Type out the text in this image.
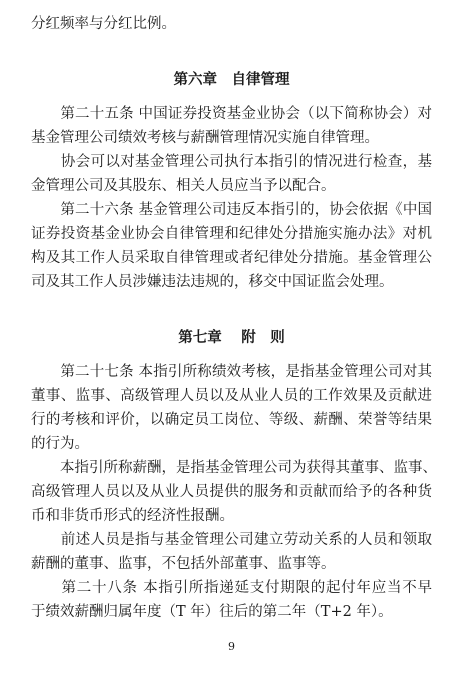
分红频率与分红比例。
第六章　自律管理
　　第二十五条 中国证券投资基金业协会（以下简称协会）对
基金管理公司绩效考核与薪酬管理情况实施自律管理。
　　协会可以对基金管理公司执行本指引的情况进行检查，基
金管理公司及其股东、相关人员应当予以配合。
　　第二十六条 基金管理公司违反本指引的，协会依据《中国
证券投资基金业协会自律管理和纪律处分措施实施办法》对机
构及其工作人员采取自律管理或者纪律处分措施。基金管理公
司及其工作人员涉嫌违法违规的，移交中国证监会处理。
第七章　 附　则
　　第二十七条 本指引所称绩效考核，是指基金管理公司对其
董事、监事、高级管理人员以及从业人员的工作效果及贡献进
行的考核和评价，以确定员工岗位、等级、薪酬、荣誉等结果
的行为。
　　本指引所称薪酬，是指基金管理公司为获得其董事、监事、
高级管理人员以及从业人员提供的服务和贡献而给予的各种货
币和非货币形式的经济性报酬。
　　前述人员是指与基金管理公司建立劳动关系的人员和领取
薪酬的董事、监事，不包括外部董事、监事等。
　　第二十八条 本指引所指递延支付期限的起付年应当不早
于绩效薪酬归属年度（T 年）往后的第二年（T+2 年）。
9
